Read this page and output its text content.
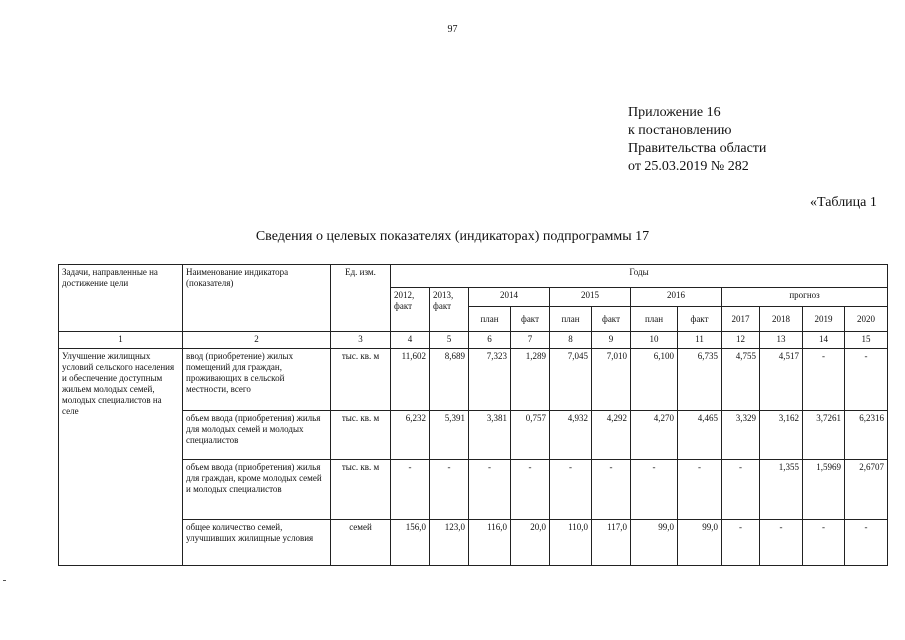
97
Приложение 16
к постановлению
Правительства области
от 25.03.2019 № 282
«Таблица 1
Сведения о целевых показателях (индикаторах) подпрограммы 17
Задачи, направленные на достижение цели	Наименование индикатора (показателя)	Ед. изм.	Годы											
			2012, факт	2013, факт	2014		2015		2016		прогноз			
					план	факт	план	факт	план	факт	2017	2018	2019	2020
1	2	3	4	5	6	7	8	9	10	11	12	13	14	15
Улучшение жилищных условий сельского населения и обеспечение доступным жильем молодых семей, молодых специалистов на селе	ввод (приобретение) жилых помещений для граждан, проживающих в сельской местности, всего	тыс. кв. м	11,602	8,689	7,323	1,289	7,045	7,010	6,100	6,735	4,755	4,517	-	-
	объем ввода (приобретения) жилья для молодых семей и молодых специалистов	тыс. кв. м	6,232	5,391	3,381	0,757	4,932	4,292	4,270	4,465	3,329	3,162	3,7261	6,2316
	объем ввода (приобретения) жилья для граждан, кроме молодых семей и молодых специалистов	тыс. кв. м	-	-	-	-	-	-	-	-	-	1,355	1,5969	2,6707
	общее количество семей, улучшивших жилищные условия	семей	156,0	123,0	116,0	20,0	110,0	117,0	99,0	99,0	-	-	-	-
